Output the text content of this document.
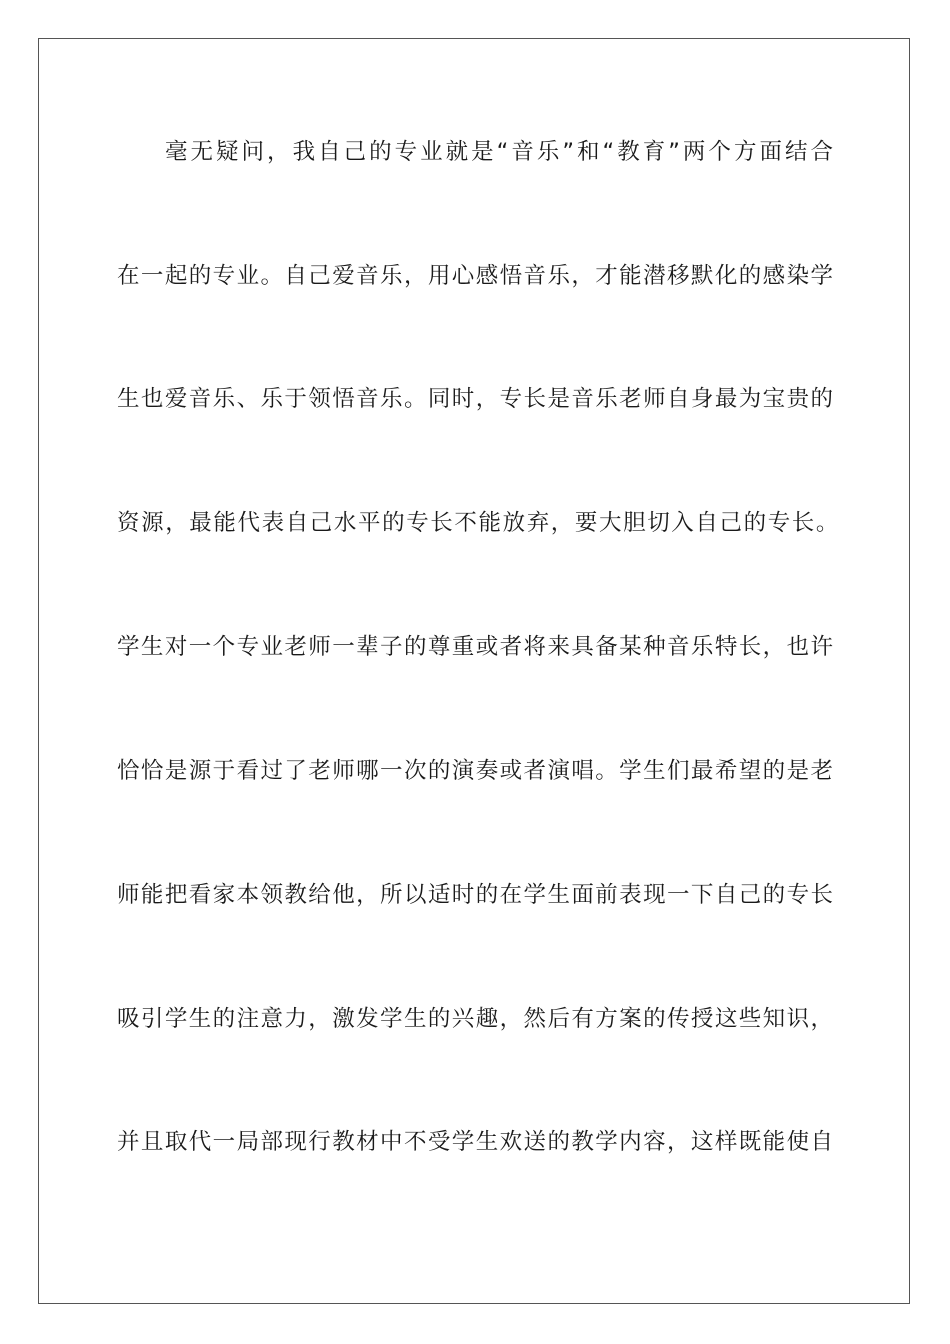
毫无疑问，我自己的专业就是“音乐”和“教育”两个方面结合
在一起的专业。自己爱音乐，用心感悟音乐，才能潜移默化的感染学
生也爱音乐、乐于领悟音乐。同时，专长是音乐老师自身最为宝贵的
资源，最能代表自己水平的专长不能放弃，要大胆切入自己的专长。
学生对一个专业老师一辈子的尊重或者将来具备某种音乐特长，也许
恰恰是源于看过了老师哪一次的演奏或者演唱。学生们最希望的是老
师能把看家本领教给他，所以适时的在学生面前表现一下自己的专长
吸引学生的注意力，激发学生的兴趣，然后有方案的传授这些知识，
并且取代一局部现行教材中不受学生欢送的教学内容，这样既能使自
